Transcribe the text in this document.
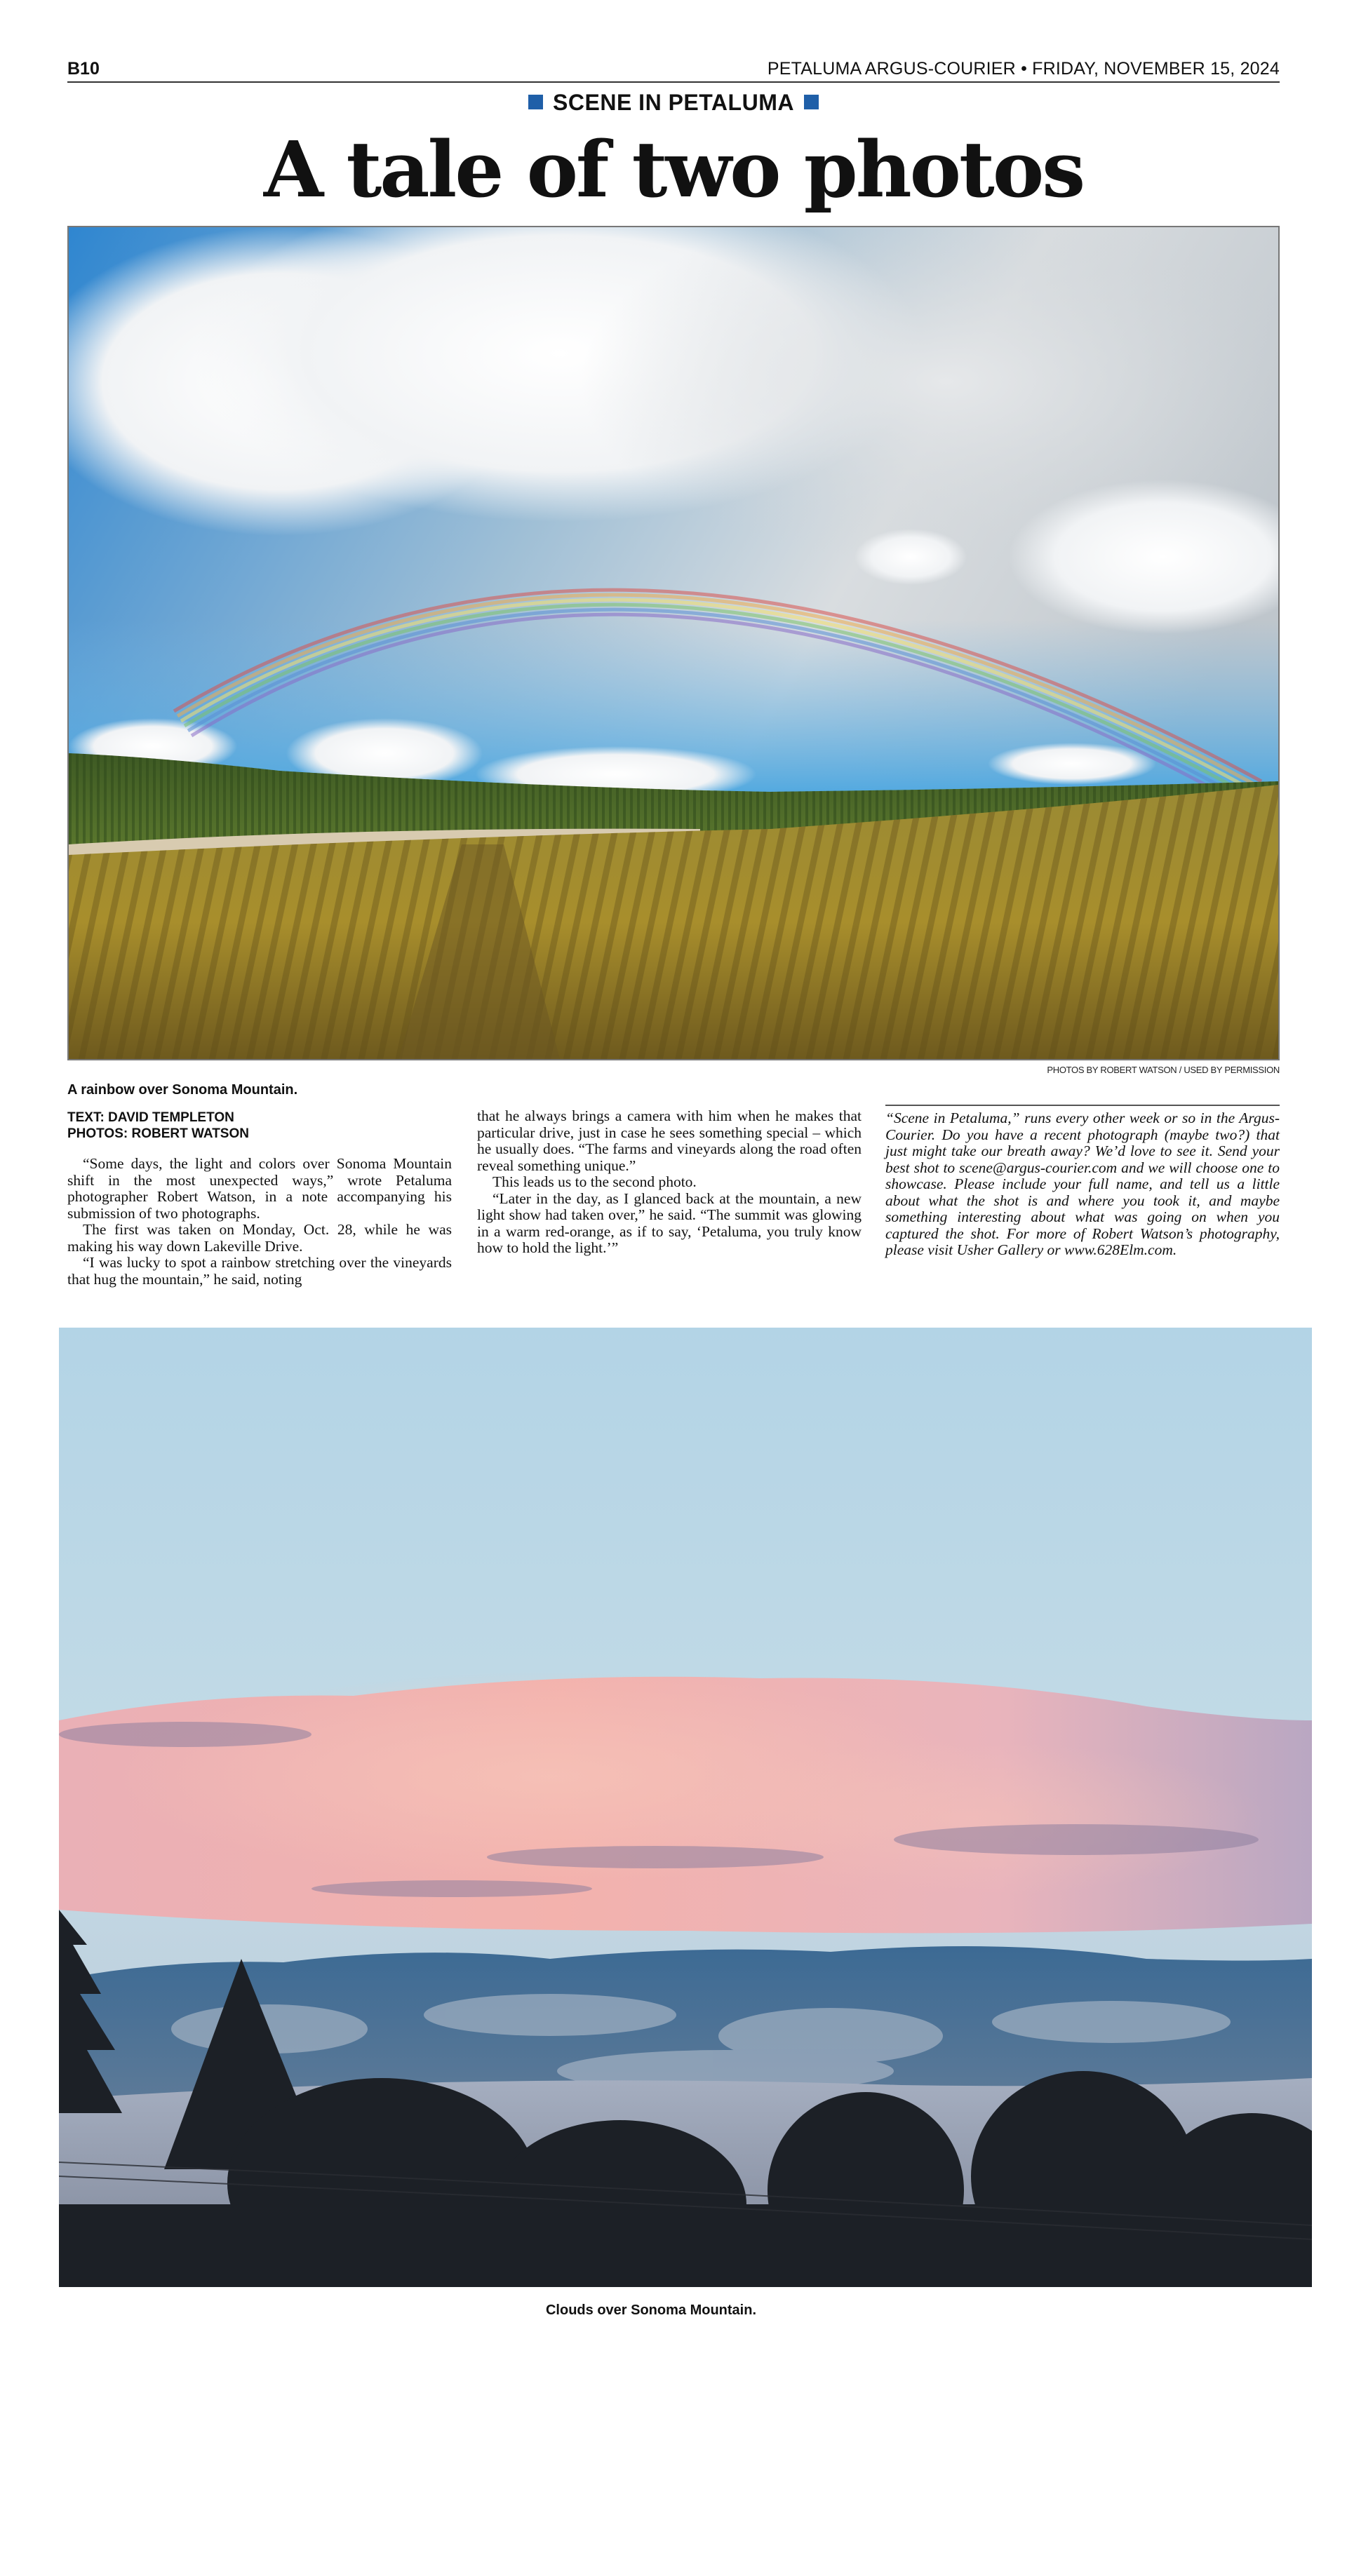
B10	PETALUMA ARGUS-COURIER • FRIDAY, NOVEMBER 15, 2024
SCENE IN PETALUMA
A tale of two photos
PHOTOS BY ROBERT WATSON / USED BY PERMISSION
A rainbow over Sonoma Mountain.
TEXT: DAVID TEMPLETON
PHOTOS: ROBERT WATSON

“Some days, the light and colors over Sonoma Mountain shift in the most unexpected ways,” wrote Petaluma photographer Robert Watson, in a note accompanying his submission of two photographs.

The first was taken on Monday, Oct. 28, while he was making his way down Lakeville Drive.

“I was lucky to spot a rainbow stretching over the vineyards that hug the mountain,” he said, noting

that he always brings a camera with him when he makes that particular drive, just in case he sees something special – which he usually does. “The farms and vineyards along the road often reveal something unique.”

This leads us to the second photo.

“Later in the day, as I glanced back at the mountain, a new light show had taken over,” he said. “The summit was glowing in a warm red-orange, as if to say, ‘Petaluma, you truly know how to hold the light.’”

“Scene in Petaluma,” runs every other week or so in the Argus-Courier. Do you have a recent photograph (maybe two?) that just might take our breath away? We’d love to see it. Send your best shot to scene@argus-courier.com and we will choose one to showcase. Please include your full name, and tell us a little about what the shot is and where you took it, and maybe something interesting about what was going on when you captured the shot. For more of Robert Watson’s photography, please visit Usher Gallery or www.628Elm.com.

Clouds over Sonoma Mountain.
